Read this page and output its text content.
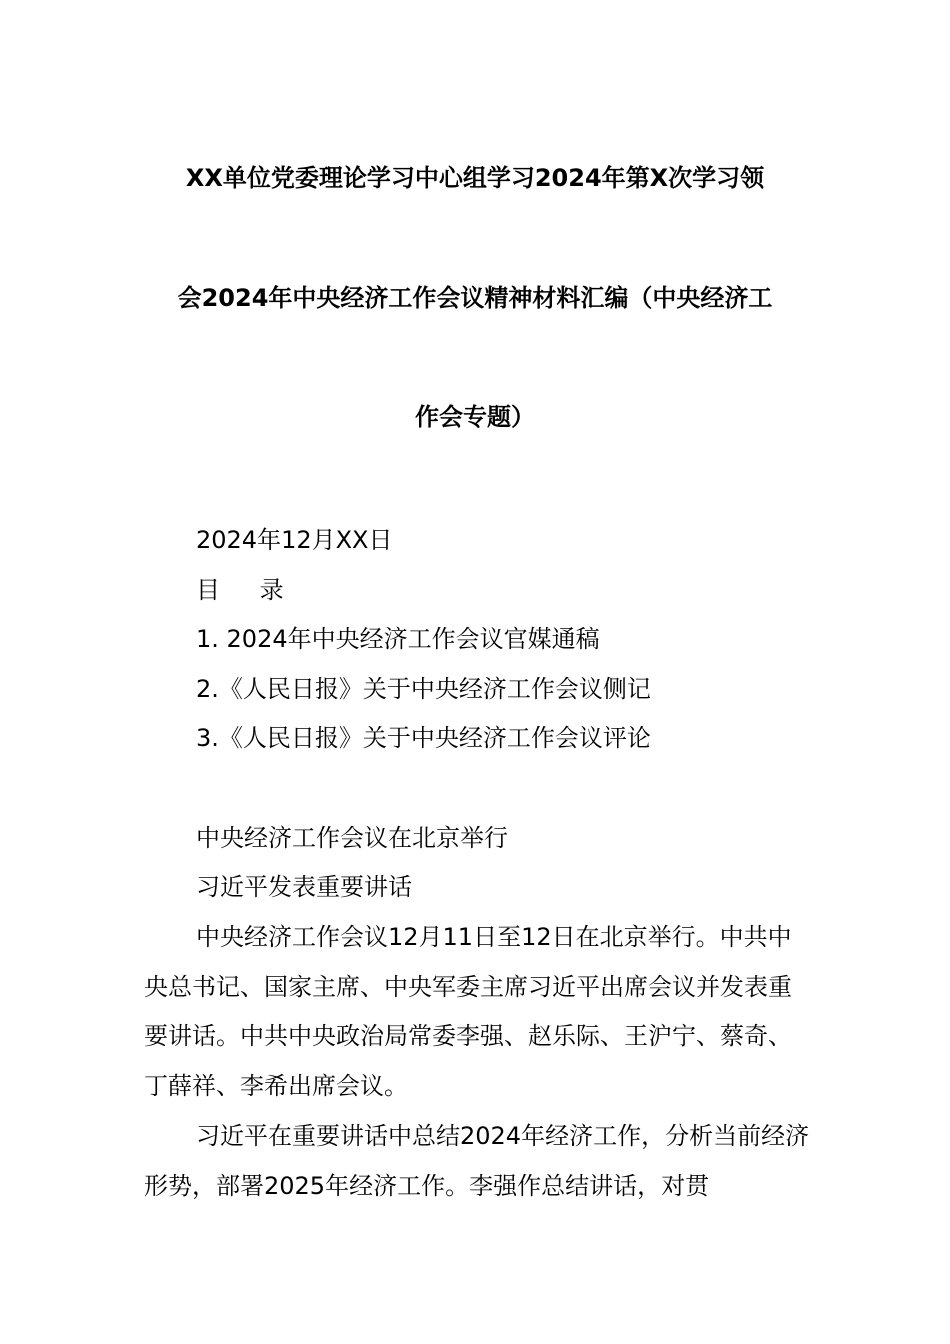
XX单位党委理论学习中心组学习2024年第X次学习领
会2024年中央经济工作会议精神材料汇编（中央经济工
作会专题）
2024年12月XX日
目 录
1. 2024年中央经济工作会议官媒通稿
2.《人民日报》关于中央经济工作会议侧记
3.《人民日报》关于中央经济工作会议评论
中央经济工作会议在北京举行
习近平发表重要讲话

中央经济工作会议12月11日至12日在北京举行。中共中央总书记、国家主席、中央军委主席习近平出席会议并发表重要讲话。中共中央政治局常委李强、赵乐际、王沪宁、蔡奇、丁薛祥、李希出席会议。

习近平在重要讲话中总结2024年经济工作，分析当前经济形势，部署2025年经济工作。李强作总结讲话，对贯
